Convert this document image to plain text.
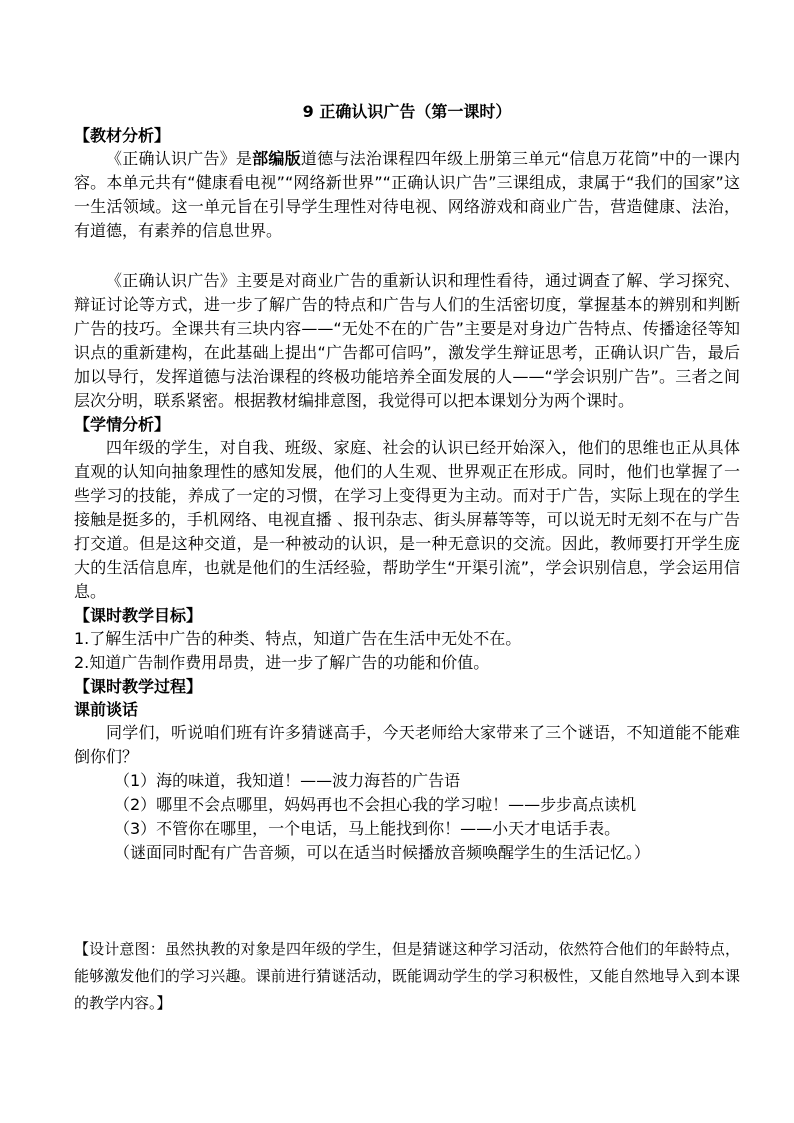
9 正确认识广告（第一课时）

【教材分析】

《正确认识广告》是部编版道德与法治课程四年级上册第三单元“信息万花筒”中的一课内容。本单元共有“健康看电视”“网络新世界”“正确认识广告”三课组成，隶属于“我们的国家”这一生活领域。这一单元旨在引导学生理性对待电视、网络游戏和商业广告，营造健康、法治，有道德，有素养的信息世界。

《正确认识广告》主要是对商业广告的重新认识和理性看待，通过调查了解、学习探究、辩证讨论等方式，进一步了解广告的特点和广告与人们的生活密切度，掌握基本的辨别和判断广告的技巧。全课共有三块内容——“无处不在的广告”主要是对身边广告特点、传播途径等知识点的重新建构，在此基础上提出“广告都可信吗”，激发学生辩证思考，正确认识广告，最后加以导行，发挥道德与法治课程的终极功能培养全面发展的人——“学会识别广告”。三者之间层次分明，联系紧密。根据教材编排意图，我觉得可以把本课划分为两个课时。

【学情分析】

四年级的学生，对自我、班级、家庭、社会的认识已经开始深入，他们的思维也正从具体直观的认知向抽象理性的感知发展，他们的人生观、世界观正在形成。同时，他们也掌握了一些学习的技能，养成了一定的习惯，在学习上变得更为主动。而对于广告，实际上现在的学生接触是挺多的，手机网络、电视直播 、报刊杂志、街头屏幕等等，可以说无时无刻不在与广告打交道。但是这种交道，是一种被动的认识，是一种无意识的交流。因此，教师要打开学生庞大的生活信息库，也就是他们的生活经验，帮助学生“开渠引流”，学会识别信息，学会运用信息。

【课时教学目标】

1.了解生活中广告的种类、特点，知道广告在生活中无处不在。

2.知道广告制作费用昂贵，进一步了解广告的功能和价值。

【课时教学过程】

课前谈话

同学们，听说咱们班有许多猜谜高手，今天老师给大家带来了三个谜语，不知道能不能难倒你们？

（1）海的味道，我知道！——波力海苔的广告语

（2）哪里不会点哪里，妈妈再也不会担心我的学习啦！——步步高点读机

（3）不管你在哪里，一个电话，马上能找到你！——小天才电话手表。

（谜面同时配有广告音频，可以在适当时候播放音频唤醒学生的生活记忆。）

【设计意图：虽然执教的对象是四年级的学生，但是猜谜这种学习活动，依然符合他们的年龄特点，能够激发他们的学习兴趣。课前进行猜谜活动，既能调动学生的学习积极性，又能自然地导入到本课的教学内容。】
